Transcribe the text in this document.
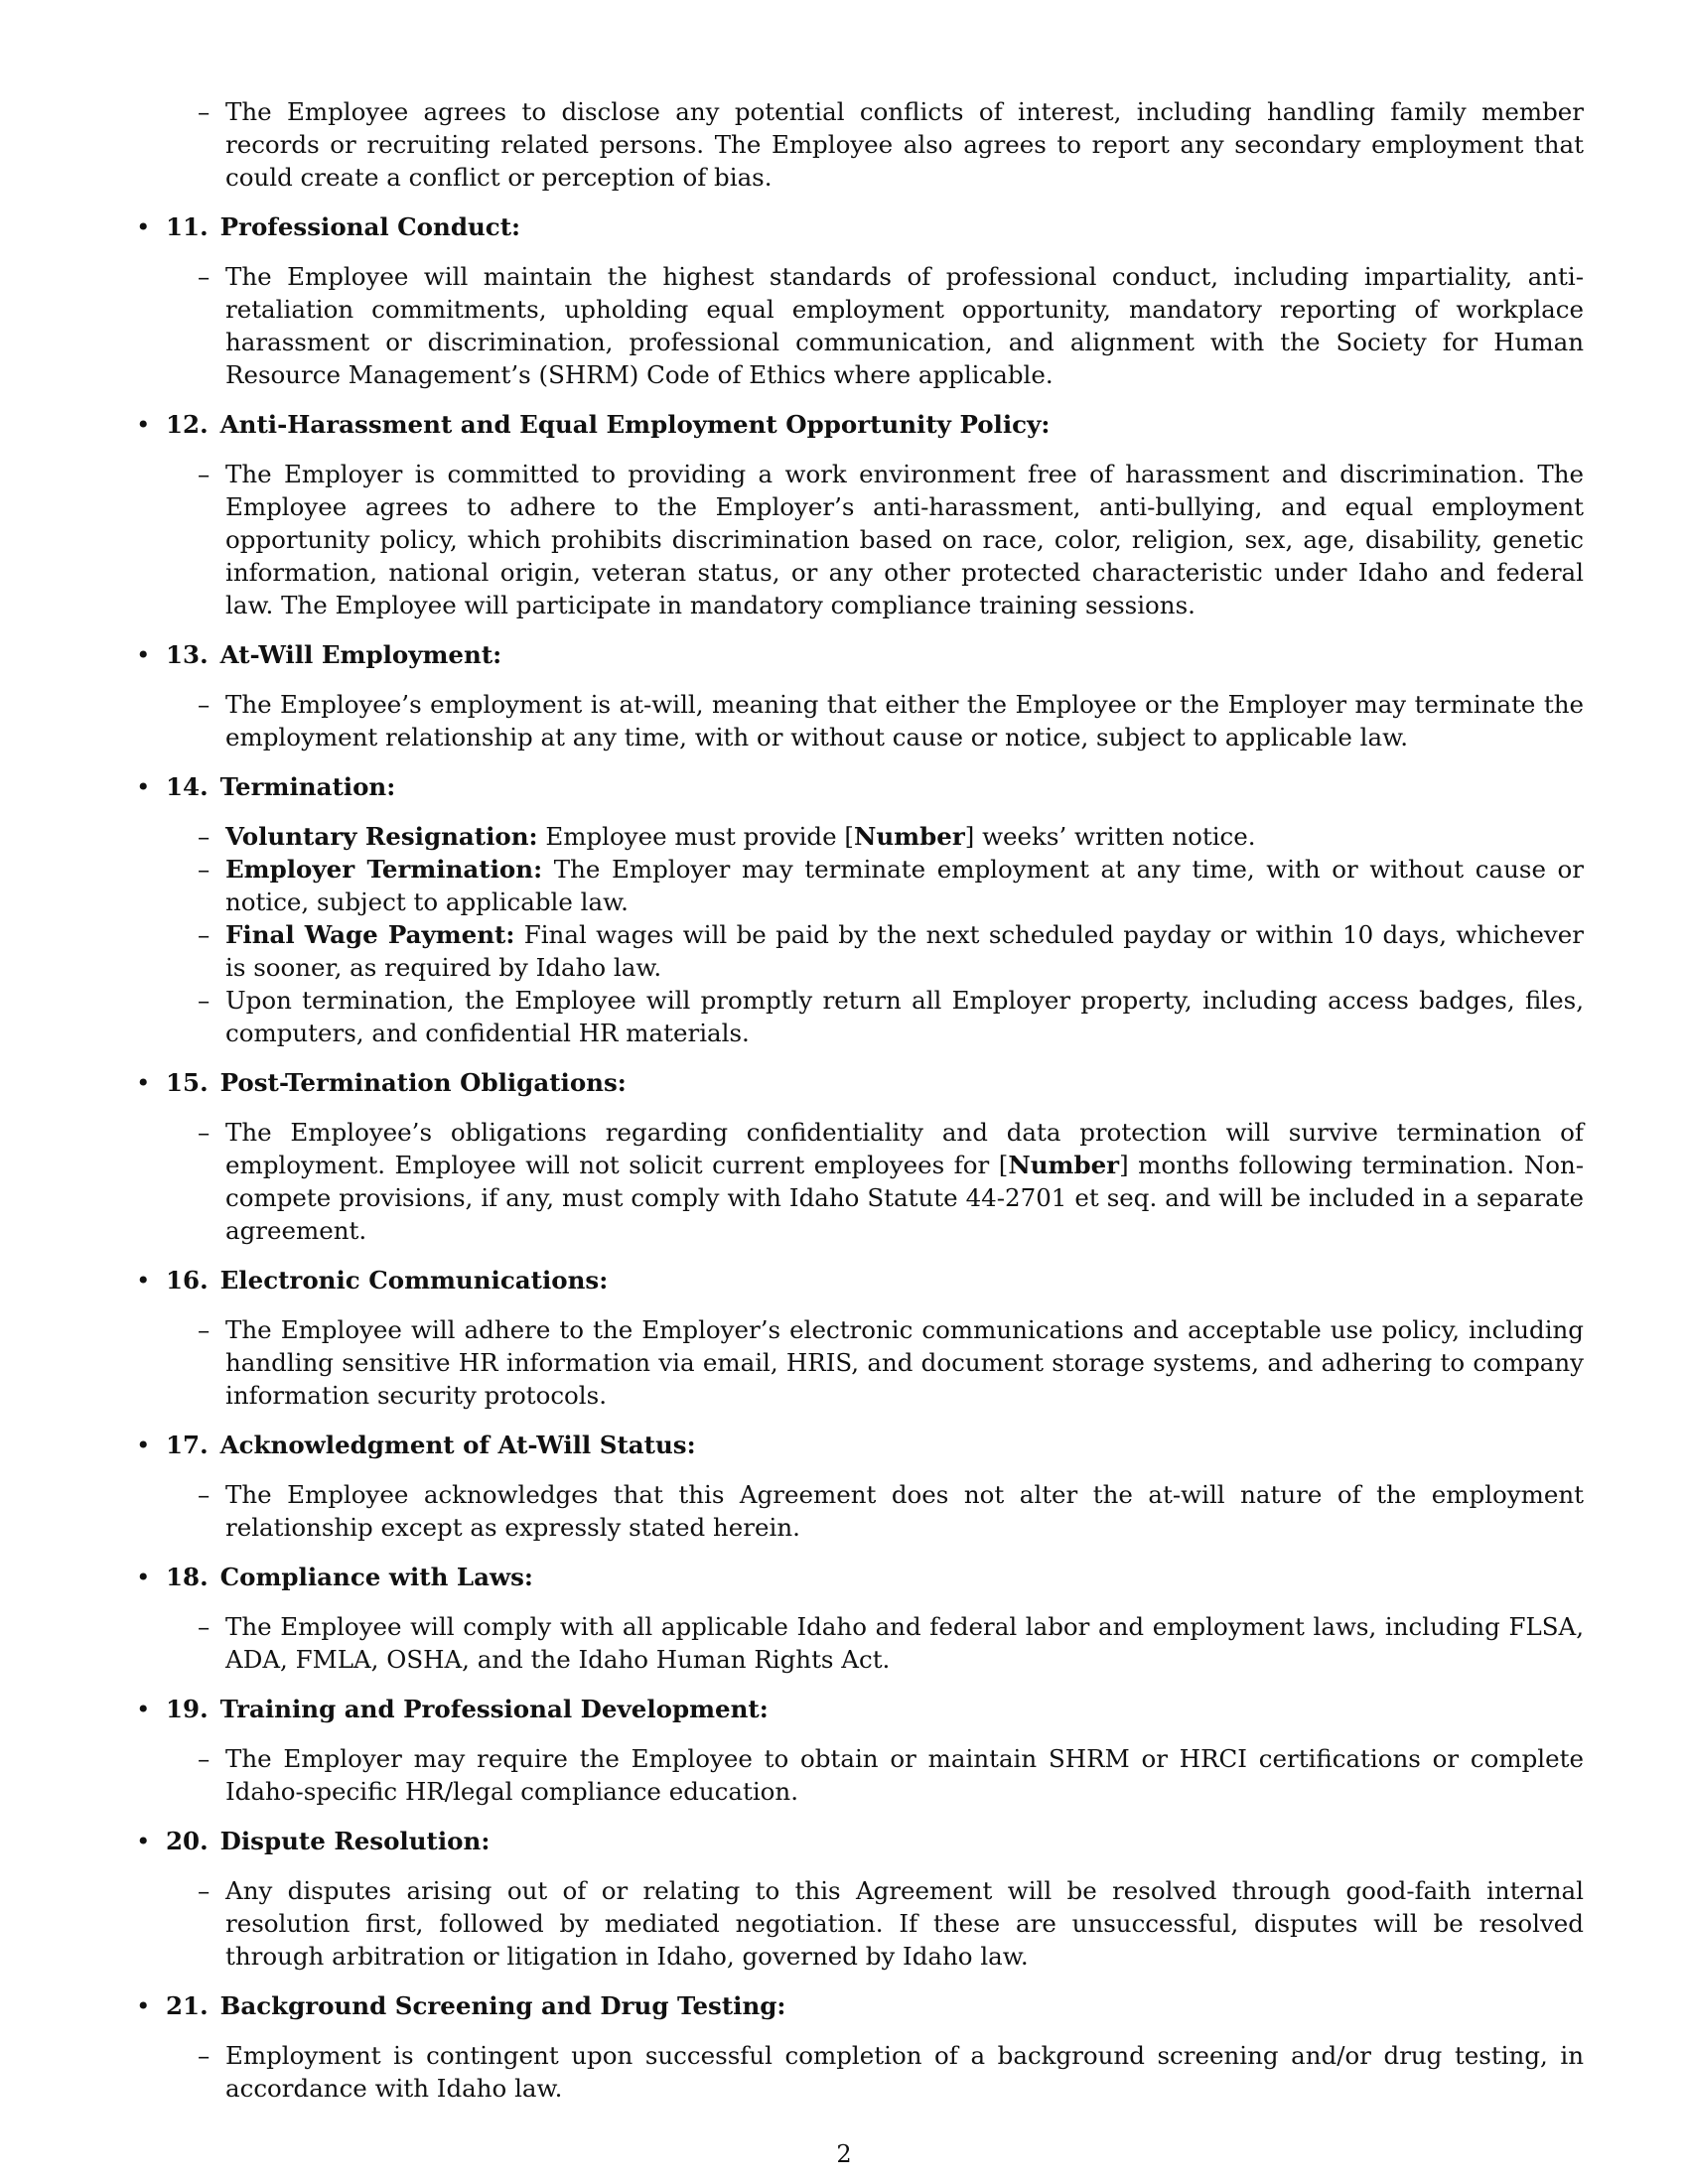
– The Employee agrees to disclose any potential conflicts of interest, including handling family member records or recruiting related persons. The Employee also agrees to report any secondary employment that could create a conflict or perception of bias.
• 11. Professional Conduct:
– The Employee will maintain the highest standards of professional conduct, including impartiality, anti-retaliation commitments, upholding equal employment opportunity, mandatory reporting of workplace harassment or discrimination, professional communication, and alignment with the Society for Human Resource Management’s (SHRM) Code of Ethics where applicable.
• 12. Anti-Harassment and Equal Employment Opportunity Policy:
– The Employer is committed to providing a work environment free of harassment and discrimination. The Employee agrees to adhere to the Employer’s anti-harassment, anti-bullying, and equal employment opportunity policy, which prohibits discrimination based on race, color, religion, sex, age, disability, genetic information, national origin, veteran status, or any other protected characteristic under Idaho and federal law. The Employee will participate in mandatory compliance training sessions.
• 13. At-Will Employment:
– The Employee’s employment is at-will, meaning that either the Employee or the Employer may terminate the employment relationship at any time, with or without cause or notice, subject to applicable law.
• 14. Termination:
– Voluntary Resignation: Employee must provide [Number] weeks’ written notice.
– Employer Termination: The Employer may terminate employment at any time, with or without cause or notice, subject to applicable law.
– Final Wage Payment: Final wages will be paid by the next scheduled payday or within 10 days, whichever is sooner, as required by Idaho law.
– Upon termination, the Employee will promptly return all Employer property, including access badges, files, computers, and confidential HR materials.
• 15. Post-Termination Obligations:
– The Employee’s obligations regarding confidentiality and data protection will survive termination of employment. Employee will not solicit current employees for [Number] months following termination. Non-compete provisions, if any, must comply with Idaho Statute 44-2701 et seq. and will be included in a separate agreement.
• 16. Electronic Communications:
– The Employee will adhere to the Employer’s electronic communications and acceptable use policy, including handling sensitive HR information via email, HRIS, and document storage systems, and adhering to company information security protocols.
• 17. Acknowledgment of At-Will Status:
– The Employee acknowledges that this Agreement does not alter the at-will nature of the employment relationship except as expressly stated herein.
• 18. Compliance with Laws:
– The Employee will comply with all applicable Idaho and federal labor and employment laws, including FLSA, ADA, FMLA, OSHA, and the Idaho Human Rights Act.
• 19. Training and Professional Development:
– The Employer may require the Employee to obtain or maintain SHRM or HRCI certifications or complete Idaho-specific HR/legal compliance education.
• 20. Dispute Resolution:
– Any disputes arising out of or relating to this Agreement will be resolved through good-faith internal resolution first, followed by mediated negotiation. If these are unsuccessful, disputes will be resolved through arbitration or litigation in Idaho, governed by Idaho law.
• 21. Background Screening and Drug Testing:
– Employment is contingent upon successful completion of a background screening and/or drug testing, in accordance with Idaho law.
2
